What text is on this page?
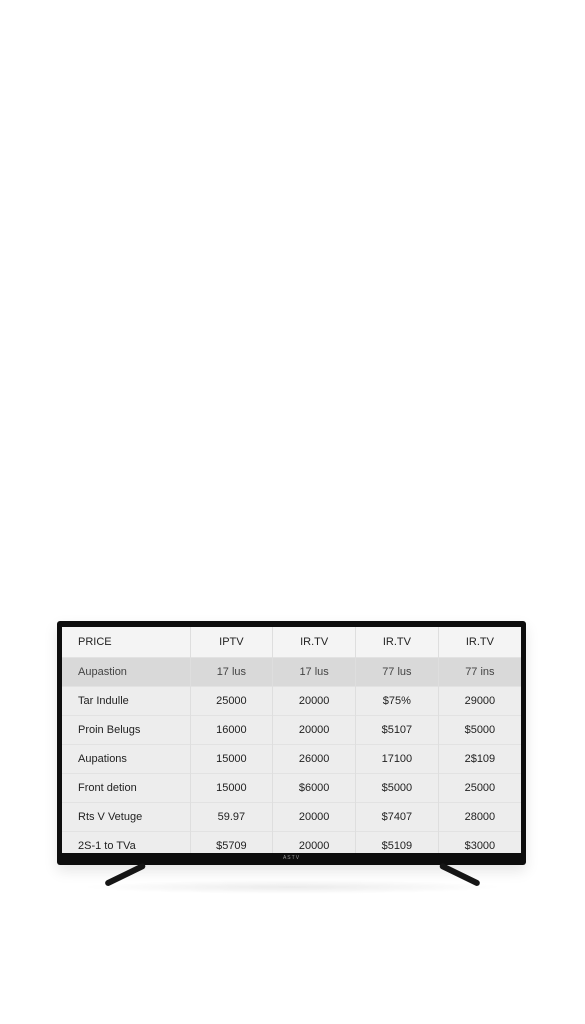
PRICE	IPTV	IR.TV	IR.TV	IR.TV
Aupastion	17 lus	17 lus	77 lus	77 ins
Tar Indulle	25000	20000	$75%	29000
Proin Belugs	16000	20000	$5107	$5000
Aupations	15000	26000	17100	2$109
Front detion	15000	$6000	$5000	25000
Rts V Vetuge	59.97	20000	$7407	28000
2S-1 to TVa	$5709	20000	$5109	$3000
ASTV
